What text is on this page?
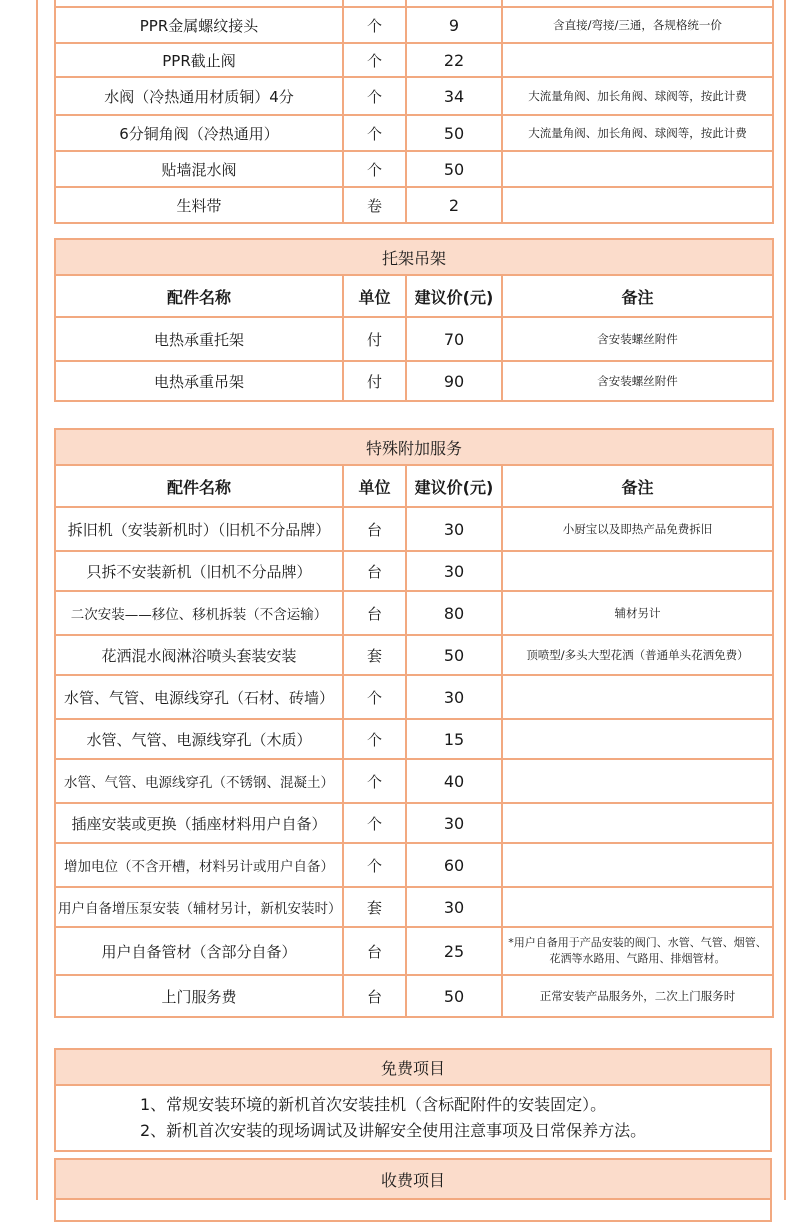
PPR金属螺纹接头	个	9	含直接/弯接/三通，各规格统一价
PPR截止阀	个	22	
水阀（冷热通用材质铜）4分	个	34	大流量角阀、加长角阀、球阀等，按此计费
6分铜角阀（冷热通用）	个	50	大流量角阀、加长角阀、球阀等，按此计费
贴墙混水阀	个	50	
生料带	卷	2	
托架吊架			
配件名称	单位	建议价(元)	备注
电热承重托架	付	70	含安装螺丝附件
电热承重吊架	付	90	含安装螺丝附件
特殊附加服务			
配件名称	单位	建议价(元)	备注
拆旧机（安装新机时）（旧机不分品牌）	台	30	小厨宝以及即热产品免费拆旧
只拆不安装新机（旧机不分品牌）	台	30	
二次安装——移位、移机拆装（不含运输）	台	80	辅材另计
花洒混水阀淋浴喷头套装安装	套	50	顶喷型/多头大型花洒（普通单头花洒免费）
水管、气管、电源线穿孔（石材、砖墙）	个	30	
水管、气管、电源线穿孔（木质）	个	15	
水管、气管、电源线穿孔（不锈钢、混凝土）	个	40	
插座安装或更换（插座材料用户自备）	个	30	
增加电位（不含开槽，材料另计或用户自备）	个	60	
用户自备增压泵安装（辅材另计，新机安装时）	套	30	
用户自备管材（含部分自备）	台	25	*用户自备用于产品安装的阀门、水管、气管、烟管、花洒等水路用、气路用、排烟管材。
上门服务费	台	50	正常安装产品服务外，二次上门服务时
免费项目

1、常规安装环境的新机首次安装挂机（含标配附件的安装固定）。
2、新机首次安装的现场调试及讲解安全使用注意事项及日常保养方法。
收费项目
